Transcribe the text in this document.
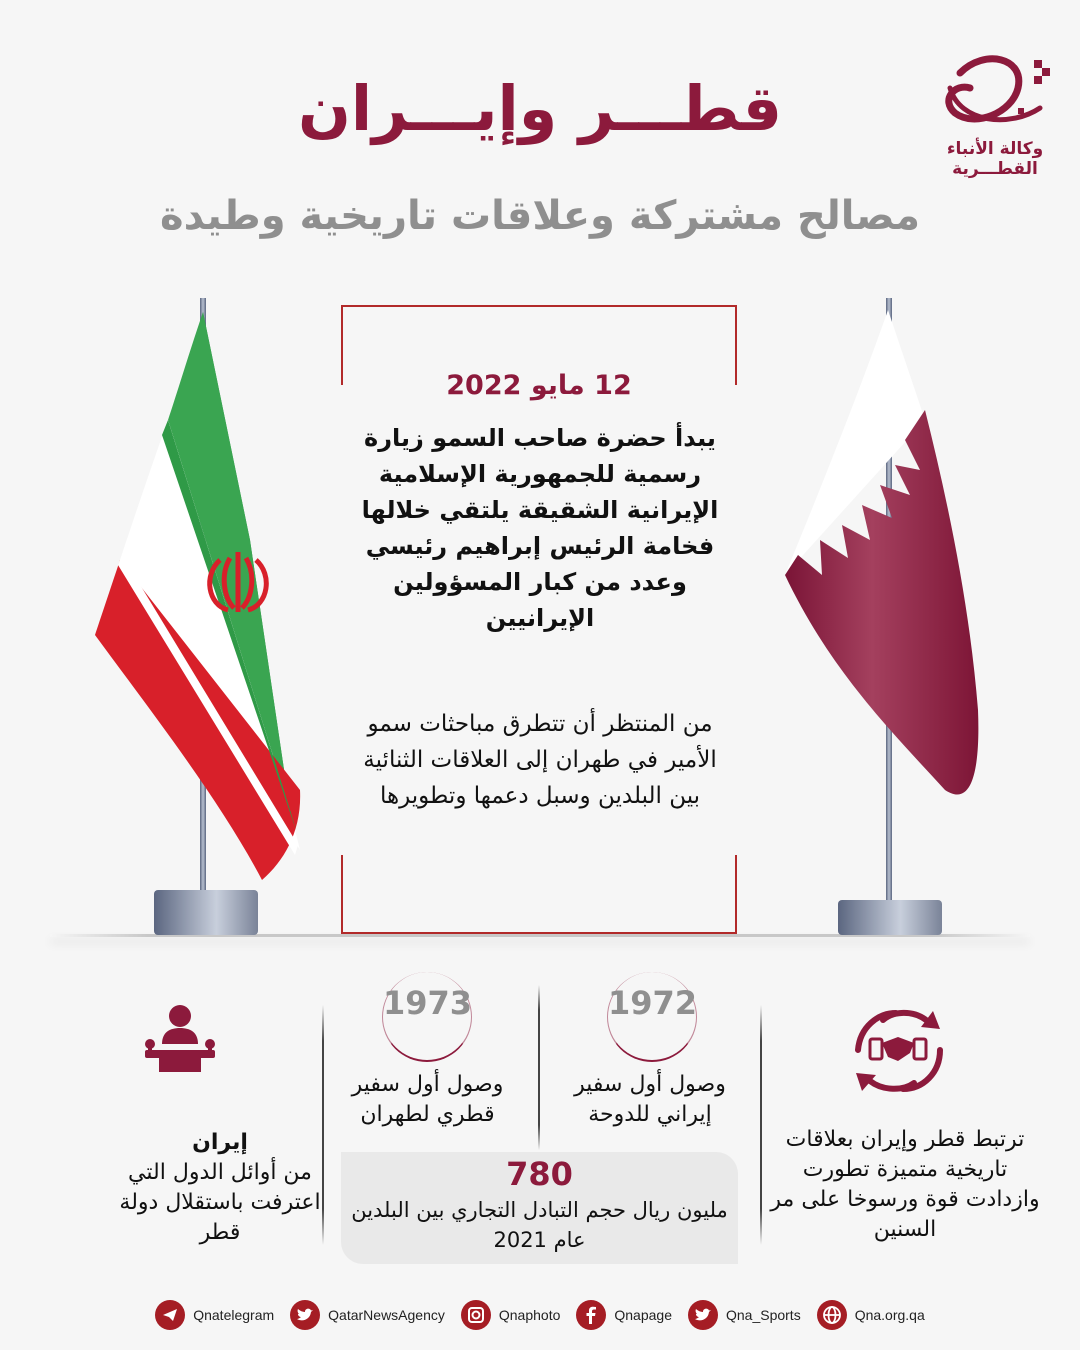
قطـــر وإيـــران
مصالح مشتركة وعلاقات تاريخية وطيدة
وكالة الأنباء
القطـــرية
12 مايو 2022
يبدأ حضرة صاحب السمو زيارة رسمية للجمهورية الإسلامية الإيرانية الشقيقة يلتقي خلالها فخامة الرئيس إبراهيم رئيسي وعدد من كبار المسؤولين الإيرانيين
من المنتظر أن تتطرق مباحثات سمو الأمير في طهران إلى العلاقات الثنائية بين البلدين وسبل دعمها وتطويرها
إيران
من أوائل الدول التي اعترفت باستقلال دولة قطر
1973
وصول أول سفير قطري لطهران
1972
وصول أول سفير إيراني للدوحة
ترتبط قطر وإيران بعلاقات تاريخية متميزة تطورت وازدادت قوة ورسوخا على مر السنين
780
مليون ريال حجم التبادل التجاري بين البلدين عام 2021
Qnatelegram	QatarNewsAgency	Qnaphoto	Qnapage	Qna_Sports	Qna.org.qa
